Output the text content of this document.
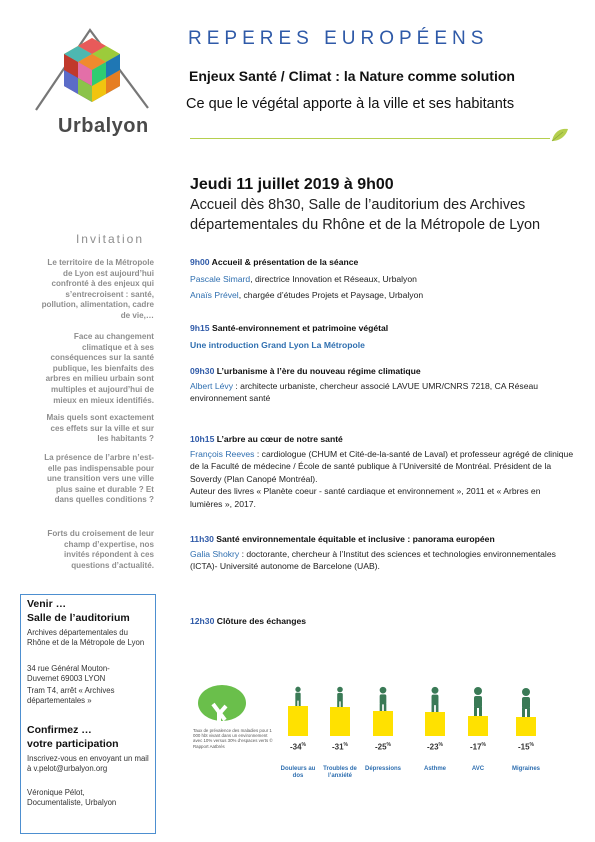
Urbalyon
REPERES EUROPÉENS
Enjeux Santé / Climat : la Nature comme solution
Ce que le végétal apporte à la ville et ses habitants
Jeudi 11 juillet 2019 à 9h00
Accueil dès 8h30, Salle de l’auditorium des Archives
départementales du Rhône et de la Métropole de Lyon
Invitation
Le territoire de la Métropole de Lyon est aujourd’hui confronté à des enjeux qui s’entrecroisent : santé, pollution, alimentation, cadre de vie,…
Face au changement climatique et à ses conséquences sur la santé publique, les bienfaits des arbres en milieu urbain sont multiples et aujourd’hui de mieux en mieux identifiés.
Mais quels sont exactement ces effets sur la ville et sur les habitants ?
La présence de l’arbre n’est-elle pas indispensable pour une transition vers une ville plus saine et durable ? Et dans quelles conditions ?
Forts du croisement de leur champ d’expertise, nos invités répondent à ces questions d’actualité.
9h00 Accueil & présentation de la séance
Pascale Simard, directrice Innovation et Réseaux, Urbalyon
Anaïs Prével, chargée d’études Projets et Paysage, Urbalyon
9h15 Santé-environnement et patrimoine végétal
Une introduction Grand Lyon La Métropole
09h30 L’urbanisme à l’ère du nouveau régime climatique
Albert Lévy : architecte urbaniste, chercheur associé LAVUE UMR/CNRS 7218, CA Réseau environnement santé
10h15 L’arbre au cœur de notre santé
François Reeves : cardiologue (CHUM et Cité-de-la-santé de Laval) et professeur agrégé de clinique de la Faculté de médecine / École de santé publique à l’Université de Montréal. Président de la Soverdy (Plan Canopé Montréal).
Auteur des livres « Planète coeur - santé cardiaque et environnement », 2011 et « Arbres en lumières », 2017.
11h30 Santé environnementale équitable et inclusive : panorama européen
Galia Shokry : doctorante, chercheur à l’Institut des sciences et technologies environnementales (ICTA)- Université autonome de Barcelone (UAB).
12h30 Clôture des échanges
Venir …
Salle de l’auditorium
Archives départementales du Rhône et de la Métropole de Lyon
34 rue Général Mouton-Duvernet 69003 LYON
Tram T4, arrêt « Archives départementales »
Confirmez …
votre participation
Inscrivez-vous en envoyant un mail à v.pelot@urbalyon.org
Véronique Pélot, Documentaliste, Urbalyon
Taux de prévalence des maladies pour 1 000 hbt vivant dans un environnement avec 10% versus 30% d’espaces verts © Rapport Aatbrés	-34%
Douleurs au dos
-31%
Troubles de l’anxiété
-25%
Dépressions
-23%
Asthme
-17%
AVC
-15%
Migraines
